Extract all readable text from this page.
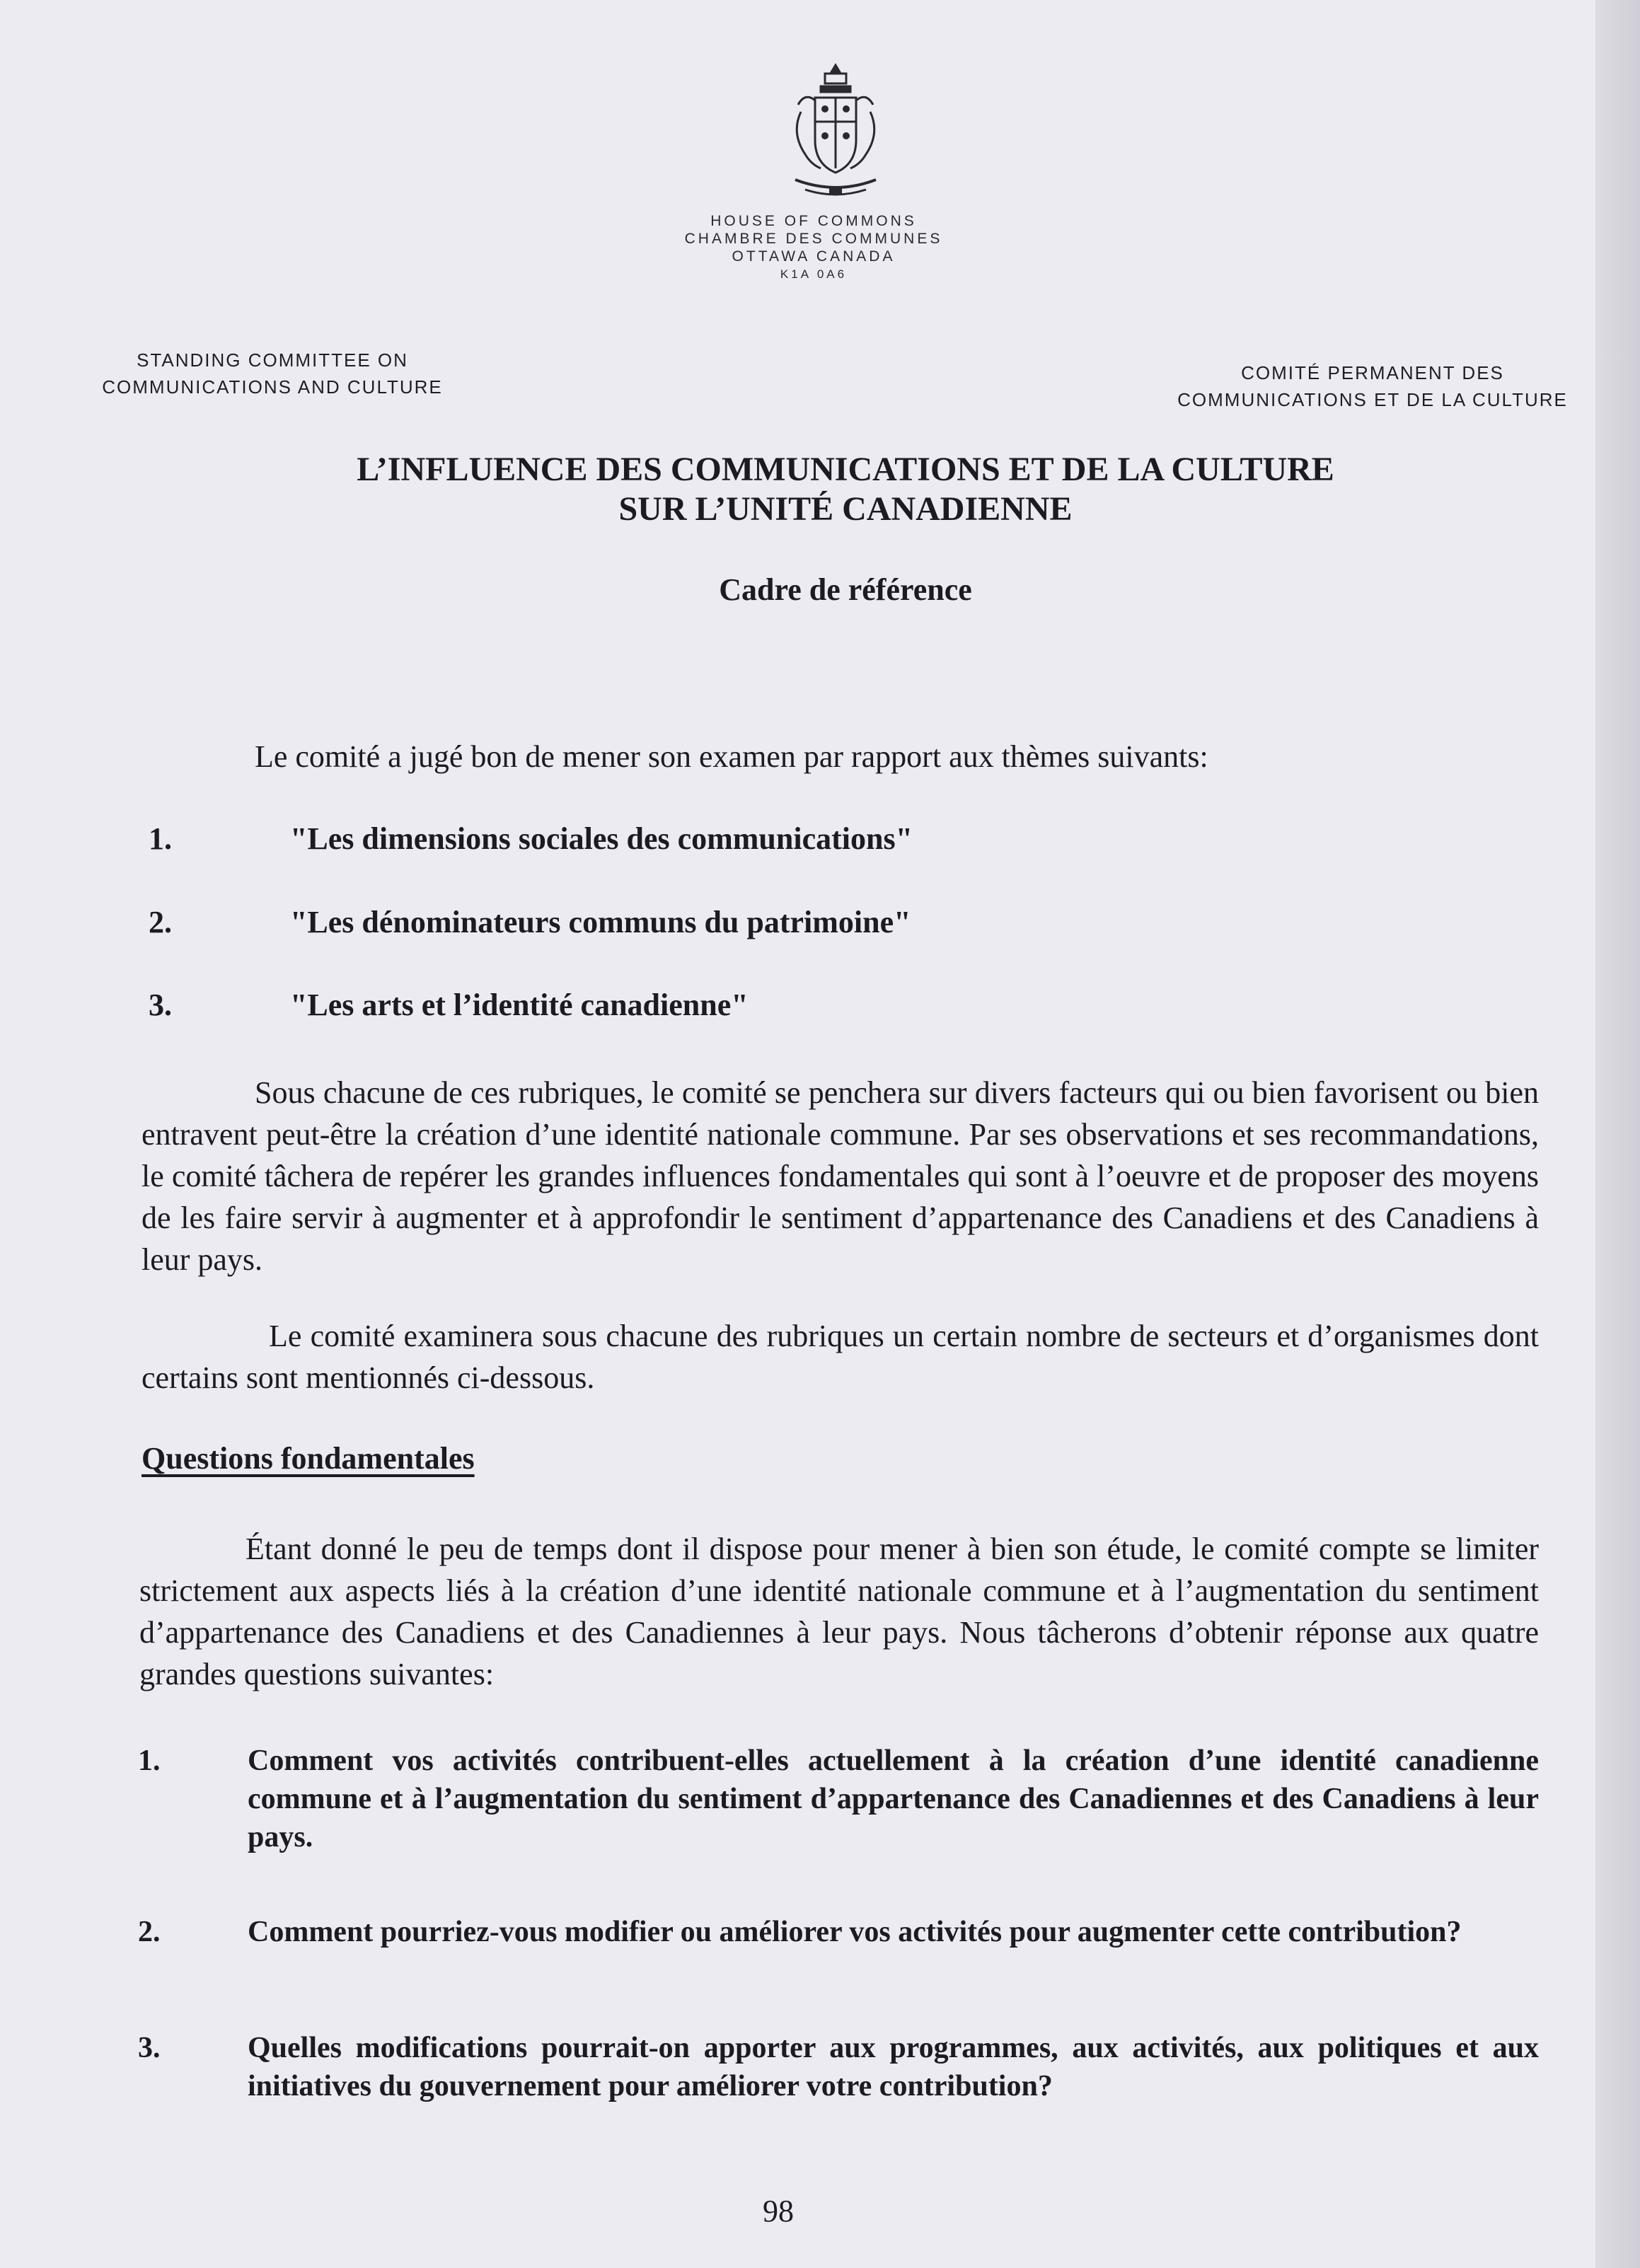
HOUSE OF COMMONS
CHAMBRE DES COMMUNES
OTTAWA CANADA
K1A 0A6
STANDING COMMITTEE ON
COMMUNICATIONS AND CULTURE
COMITÉ PERMANENT DES
COMMUNICATIONS ET DE LA CULTURE
L’INFLUENCE DES COMMUNICATIONS ET DE LA CULTURE
SUR L’UNITÉ CANADIENNE
Cadre de référence
Le comité a jugé bon de mener son examen par rapport aux thèmes suivants:
1.	"Les dimensions sociales des communications"
2.	"Les dénominateurs communs du patrimoine"
3.	"Les arts et l’identité canadienne"
Sous chacune de ces rubriques, le comité se penchera sur divers facteurs qui ou bien favorisent ou bien entravent peut-être la création d’une identité nationale commune. Par ses observations et ses recommandations, le comité tâchera de repérer les grandes influences fondamentales qui sont à l’oeuvre et de proposer des moyens de les faire servir à augmenter et à approfondir le sentiment d’appartenance des Canadiens et des Canadiens à leur pays.
Le comité examinera sous chacune des rubriques un certain nombre de secteurs et d’organismes dont certains sont mentionnés ci-dessous.
Questions fondamentales
Étant donné le peu de temps dont il dispose pour mener à bien son étude, le comité compte se limiter strictement aux aspects liés à la création d’une identité nationale commune et à l’augmentation du sentiment d’appartenance des Canadiens et des Canadiennes à leur pays. Nous tâcherons d’obtenir réponse aux quatre grandes questions suivantes:
1.	Comment vos activités contribuent-elles actuellement à la création d’une identité canadienne commune et à l’augmentation du sentiment d’appartenance des Canadiennes et des Canadiens à leur pays.
2.	Comment pourriez-vous modifier ou améliorer vos activités pour augmenter cette contribution?
3.	Quelles modifications pourrait-on apporter aux programmes, aux activités, aux politiques et aux initiatives du gouvernement pour améliorer votre contribution?
98
